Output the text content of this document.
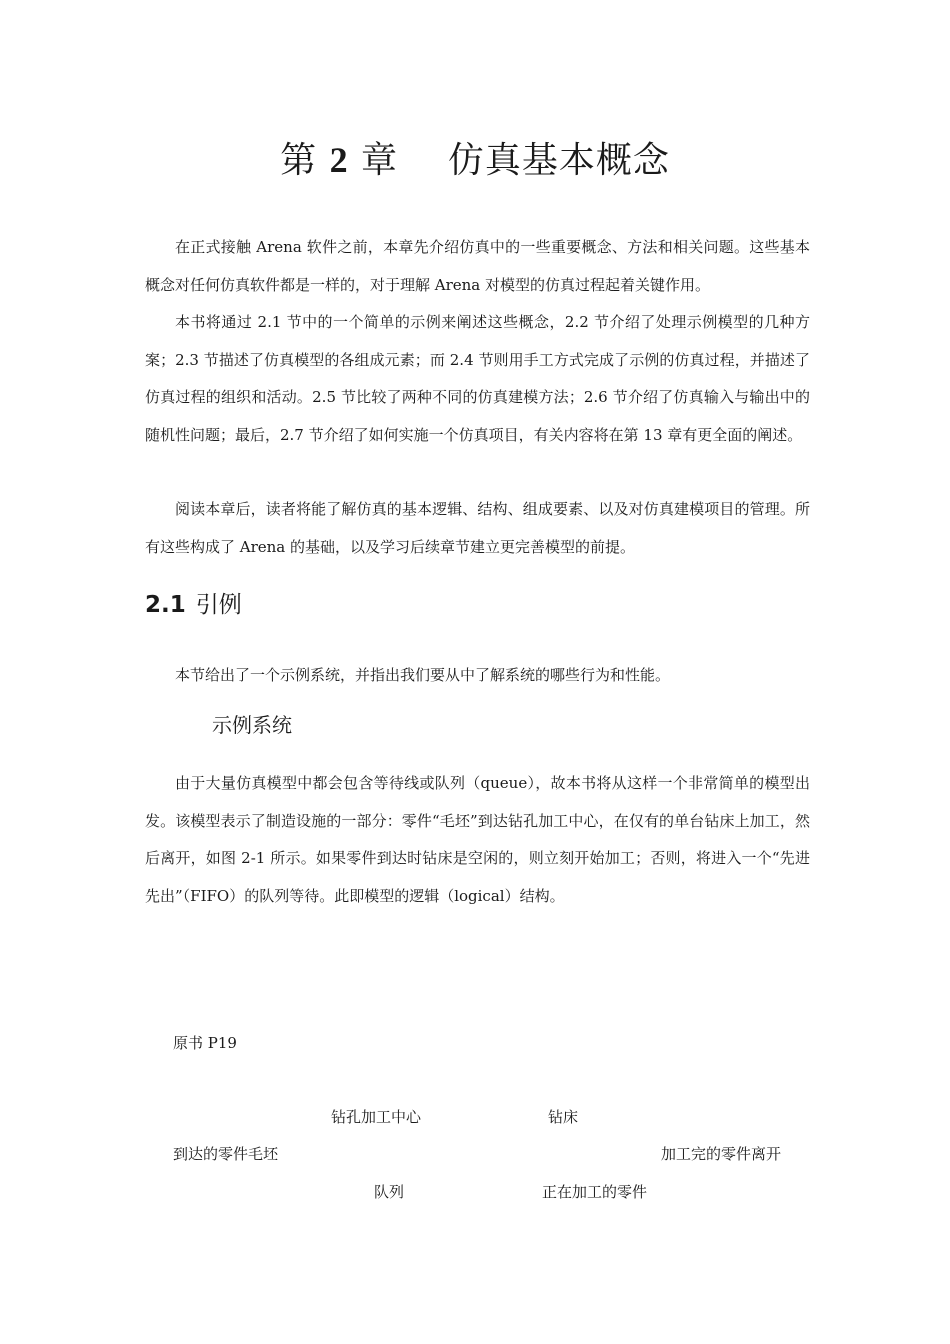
第 2 章 仿真基本概念

在正式接触 Arena 软件之前，本章先介绍仿真中的一些重要概念、方法和相关问题。这些基本概念对任何仿真软件都是一样的，对于理解 Arena 对模型的仿真过程起着关键作用。

本书将通过 2.1 节中的一个简单的示例来阐述这些概念，2.2 节介绍了处理示例模型的几种方案；2.3 节描述了仿真模型的各组成元素；而 2.4 节则用手工方式完成了示例的仿真过程，并描述了仿真过程的组织和活动。2.5 节比较了两种不同的仿真建模方法；2.6 节介绍了仿真输入与输出中的随机性问题；最后，2.7 节介绍了如何实施一个仿真项目，有关内容将在第 13 章有更全面的阐述。

阅读本章后，读者将能了解仿真的基本逻辑、结构、组成要素、以及对仿真建模项目的管理。所有这些构成了 Arena 的基础，以及学习后续章节建立更完善模型的前提。

2.1 引例

本节给出了一个示例系统，并指出我们要从中了解系统的哪些行为和性能。

示例系统

由于大量仿真模型中都会包含等待线或队列（queue），故本书将从这样一个非常简单的模型出发。该模型表示了制造设施的一部分：零件“毛坯”到达钻孔加工中心，在仅有的单台钻床上加工，然后离开，如图 2-1 所示。如果零件到达时钻床是空闲的，则立刻开始加工；否则，将进入一个“先进先出”（FIFO）的队列等待。此即模型的逻辑（logical）结构。

原书 P19
钻孔加工中心	钻床
到达的零件毛坯	加工完的零件离开
队列	正在加工的零件
